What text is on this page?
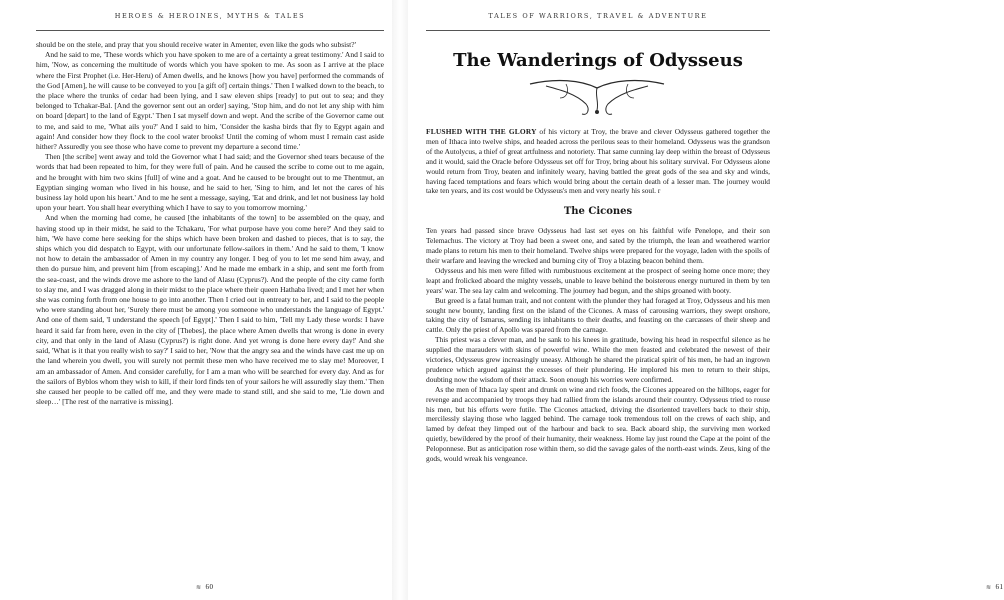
HEROES & HEROINES, MYTHS & TALES

should be on the stele, and pray that you should receive water in Amenter, even like the gods who subsist?'

And he said to me, 'These words which you have spoken to me are of a certainty a great testimony.' And I said to him, 'Now, as concerning the multitude of words which you have spoken to me. As soon as I arrive at the place where the First Prophet (i.e. Her-Heru) of Amen dwells, and he knows [how you have] performed the commands of the God [Amen], he will cause to be conveyed to you [a gift of] certain things.' Then I walked down to the beach, to the place where the trunks of cedar had been lying, and I saw eleven ships [ready] to put out to sea; and they belonged to Tchakar-Bal. [And the governor sent out an order] saying, 'Stop him, and do not let any ship with him on board [depart] to the land of Egypt.' Then I sat myself down and wept. And the scribe of the Governor came out to me, and said to me, 'What ails you?' And I said to him, 'Consider the kasha birds that fly to Egypt again and again! And consider how they flock to the cool water brooks! Until the coming of whom must I remain cast aside hither? Assuredly you see those who have come to prevent my departure a second time.'

Then [the scribe] went away and told the Governor what I had said; and the Governor shed tears because of the words that had been repeated to him, for they were full of pain. And he caused the scribe to come out to me again, and he brought with him two skins [full] of wine and a goat. And he caused to be brought out to me Thentmut, an Egyptian singing woman who lived in his house, and he said to her, 'Sing to him, and let not the cares of his business lay hold upon his heart.' And to me he sent a message, saying, 'Eat and drink, and let not business lay hold upon your heart. You shall hear everything which I have to say to you tomorrow morning.'

And when the morning had come, he caused [the inhabitants of the town] to be assembled on the quay, and having stood up in their midst, he said to the Tchakaru, 'For what purpose have you come here?' And they said to him, 'We have come here seeking for the ships which have been broken and dashed to pieces, that is to say, the ships which you did despatch to Egypt, with our unfortunate fellow-sailors in them.' And he said to them, 'I know not how to detain the ambassador of Amen in my country any longer. I beg of you to let me send him away, and then do pursue him, and prevent him [from escaping].' And he made me embark in a ship, and sent me forth from the sea-coast, and the winds drove me ashore to the land of Alasu (Cyprus?). And the people of the city came forth to slay me, and I was dragged along in their midst to the place where their queen Hathaba lived; and I met her when she was coming forth from one house to go into another. Then I cried out in entreaty to her, and I said to the people who were standing about her, 'Surely there must be among you someone who understands the language of Egypt.' And one of them said, 'I understand the speech [of Egypt].' Then I said to him, 'Tell my Lady these words: I have heard it said far from here, even in the city of [Thebes], the place where Amen dwells that wrong is done in every city, and that only in the land of Alasu (Cyprus?) is right done. And yet wrong is done here every day!' And she said, 'What is it that you really wish to say?' I said to her, 'Now that the angry sea and the winds have cast me up on the land wherein you dwell, you will surely not permit these men who have received me to slay me! Moreover, I am an ambassador of Amen. And consider carefully, for I am a man who will be searched for every day. And as for the sailors of Byblos whom they wish to kill, if their lord finds ten of your sailors he will assuredly slay them.' Then she caused her people to be called off me, and they were made to stand still, and she said to me, 'Lie down and sleep…' [The rest of the narrative is missing].

≋ 60
TALES OF WARRIORS, TRAVEL & ADVENTURE
The Wanderings of Odysseus

FLUSHED WITH THE GLORY of his victory at Troy, the brave and clever Odysseus gathered together the men of Ithaca into twelve ships, and headed across the perilous seas to their homeland. Odysseus was the grandson of the Autolycus, a thief of great artfulness and notoriety. That same cunning lay deep within the breast of Odysseus and it would, said the Oracle before Odysseus set off for Troy, bring about his solitary survival. For Odysseus alone would return from Troy, beaten and infinitely weary, having battled the great gods of the sea and sky and winds, having faced temptations and fears which would bring about the certain death of a lesser man. The journey would take ten years, and its cost would be Odysseus's men and very nearly his soul. r

The Cicones

Ten years had passed since brave Odysseus had last set eyes on his faithful wife Penelope, and their son Telemachus. The victory at Troy had been a sweet one, and sated by the triumph, the lean and weathered warrior made plans to return his men to their homeland. Twelve ships were prepared for the voyage, laden with the spoils of their warfare and leaving the wrecked and burning city of Troy a blazing beacon behind them.

Odysseus and his men were filled with rumbustuous excitement at the prospect of seeing home once more; they leapt and frolicked aboard the mighty vessels, unable to leave behind the boisterous energy nurtured in them by ten years' war. The sea lay calm and welcoming. The journey had begun, and the ships groaned with booty.

But greed is a fatal human trait, and not content with the plunder they had foraged at Troy, Odysseus and his men sought new bounty, landing first on the island of the Cicones. A mass of carousing warriors, they swept onshore, taking the city of Ismarus, sending its inhabitants to their deaths, and feasting on the carcasses of their sheep and cattle. Only the priest of Apollo was spared from the carnage.

This priest was a clever man, and he sank to his knees in gratitude, bowing his head in respectful silence as he supplied the marauders with skins of powerful wine. While the men feasted and celebrated the newest of their victories, Odysseus grew increasingly uneasy. Although he shared the piratical spirit of his men, he had an ingrown prudence which argued against the excesses of their plundering. He implored his men to return to their ships, doubting now the wisdom of their attack. Soon enough his worries were confirmed.

As the men of Ithaca lay spent and drunk on wine and rich foods, the Cicones appeared on the hilltops, eager for revenge and accompanied by troops they had rallied from the islands around their country. Odysseus tried to rouse his men, but his efforts were futile. The Cicones attacked, driving the disoriented travellers back to their ship, mercilessly slaying those who lagged behind. The carnage took tremendous toll on the crews of each ship, and lamed by defeat they limped out of the harbour and back to sea. Back aboard ship, the surviving men worked quietly, bewildered by the proof of their humanity, their weakness. Home lay just round the Cape at the point of the Peloponnese. But as anticipation rose within them, so did the savage gales of the north-east winds. Zeus, king of the gods, would wreak his vengeance.

≋ 61
